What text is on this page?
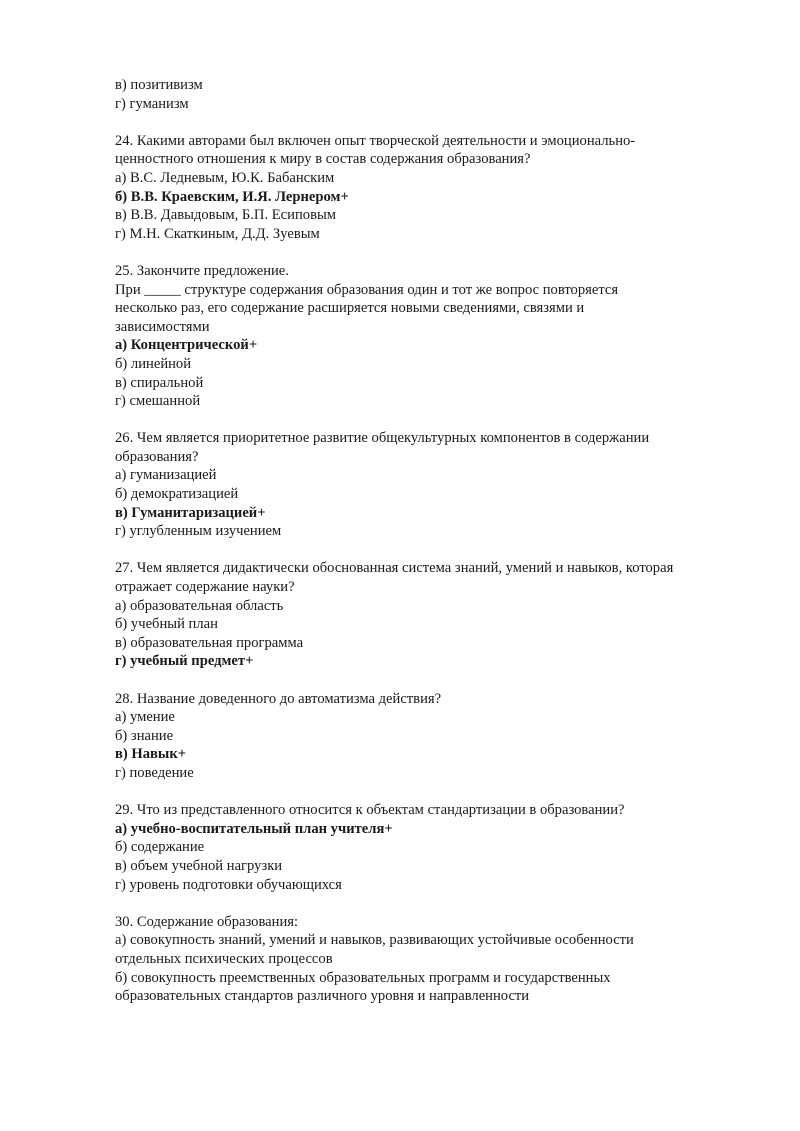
в) позитивизм
г) гуманизм
24. Какими авторами был включен опыт творческой деятельности и эмоционально-
ценностного отношения к миру в состав содержания образования?
а) В.С. Ледневым, Ю.К. Бабанским
б) В.В. Краевским, И.Я. Лернером+
в) В.В. Давыдовым, Б.П. Есиповым
г) М.Н. Скаткиным, Д.Д. Зуевым
25. Закончите предложение.
При _____ структуре содержания образования один и тот же вопрос повторяется
несколько раз, его содержание расширяется новыми сведениями, связями и
зависимостями
а) Концентрической+
б) линейной
в) спиральной
г) смешанной
26. Чем является приоритетное развитие общекультурных компонентов в содержании
образования?
а) гуманизацией
б) демократизацией
в) Гуманитаризацией+
г) углубленным изучением
27. Чем является дидактически обоснованная система знаний, умений и навыков, которая
отражает содержание науки?
а) образовательная область
б) учебный план
в) образовательная программа
г) учебный предмет+
28. Название доведенного до автоматизма действия?
а) умение
б) знание
в) Навык+
г) поведение
29. Что из представленного относится к объектам стандартизации в образовании?
а) учебно-воспитательный план учителя+
б) содержание
в) объем учебной нагрузки
г) уровень подготовки обучающихся
30. Содержание образования:
а) совокупность знаний, умений и навыков, развивающих устойчивые особенности
отдельных психических процессов
б) совокупность преемственных образовательных программ и государственных
образовательных стандартов различного уровня и направленности
